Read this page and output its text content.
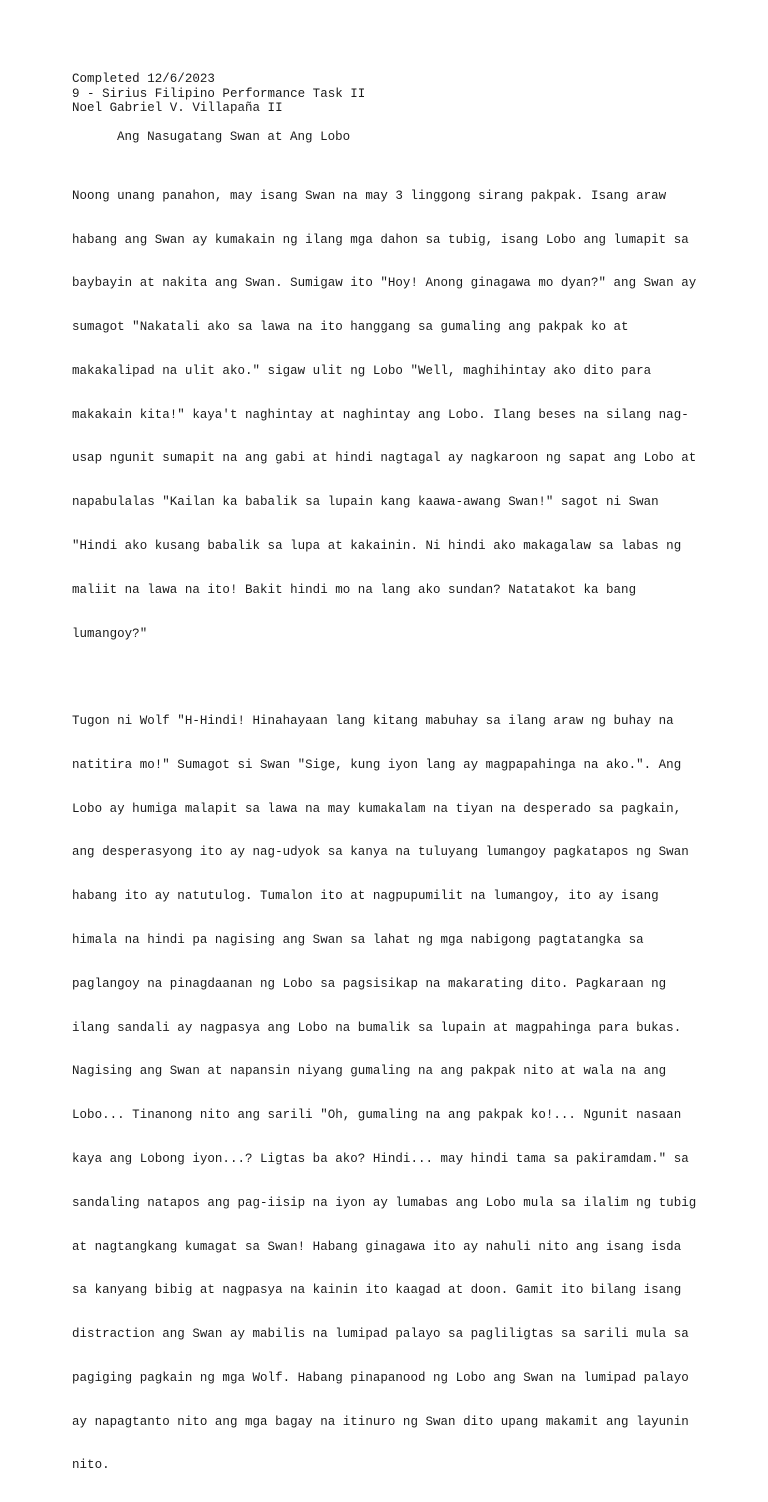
Completed 12/6/2023
9 - Sirius Filipino Performance Task II
Noel Gabriel V. Villapaña II
Ang Nasugatang Swan at Ang Lobo

Noong unang panahon, may isang Swan na may 3 linggong sirang pakpak. Isang araw

habang ang Swan ay kumakain ng ilang mga dahon sa tubig, isang Lobo ang lumapit sa

baybayin at nakita ang Swan. Sumigaw ito "Hoy! Anong ginagawa mo dyan?" ang Swan ay

sumagot "Nakatali ako sa lawa na ito hanggang sa gumaling ang pakpak ko at

makakalipad na ulit ako." sigaw ulit ng Lobo "Well, maghihintay ako dito para

makakain kita!" kaya't naghintay at naghintay ang Lobo. Ilang beses na silang nag-

usap ngunit sumapit na ang gabi at hindi nagtagal ay nagkaroon ng sapat ang Lobo at

napabulalas "Kailan ka babalik sa lupain kang kaawa-awang Swan!" sagot ni Swan

"Hindi ako kusang babalik sa lupa at kakainin. Ni hindi ako makagalaw sa labas ng

maliit na lawa na ito! Bakit hindi mo na lang ako sundan? Natatakot ka bang

lumangoy?"

Tugon ni Wolf "H-Hindi! Hinahayaan lang kitang mabuhay sa ilang araw ng buhay na

natitira mo!" Sumagot si Swan "Sige, kung iyon lang ay magpapahinga na ako.". Ang

Lobo ay humiga malapit sa lawa na may kumakalam na tiyan na desperado sa pagkain,

ang desperasyong ito ay nag-udyok sa kanya na tuluyang lumangoy pagkatapos ng Swan

habang ito ay natutulog. Tumalon ito at nagpupumilit na lumangoy, ito ay isang

himala na hindi pa nagising ang Swan sa lahat ng mga nabigong pagtatangka sa

paglangoy na pinagdaanan ng Lobo sa pagsisikap na makarating dito. Pagkaraan ng

ilang sandali ay nagpasya ang Lobo na bumalik sa lupain at magpahinga para bukas.

Nagising ang Swan at napansin niyang gumaling na ang pakpak nito at wala na ang

Lobo... Tinanong nito ang sarili "Oh, gumaling na ang pakpak ko!... Ngunit nasaan

kaya ang Lobong iyon...? Ligtas ba ako? Hindi... may hindi tama sa pakiramdam." sa

sandaling natapos ang pag-iisip na iyon ay lumabas ang Lobo mula sa ilalim ng tubig

at nagtangkang kumagat sa Swan! Habang ginagawa ito ay nahuli nito ang isang isda

sa kanyang bibig at nagpasya na kainin ito kaagad at doon. Gamit ito bilang isang

distraction ang Swan ay mabilis na lumipad palayo sa pagliligtas sa sarili mula sa

pagiging pagkain ng mga Wolf. Habang pinapanood ng Lobo ang Swan na lumipad palayo

ay napagtanto nito ang mga bagay na itinuro ng Swan dito upang makamit ang layunin

nito.
